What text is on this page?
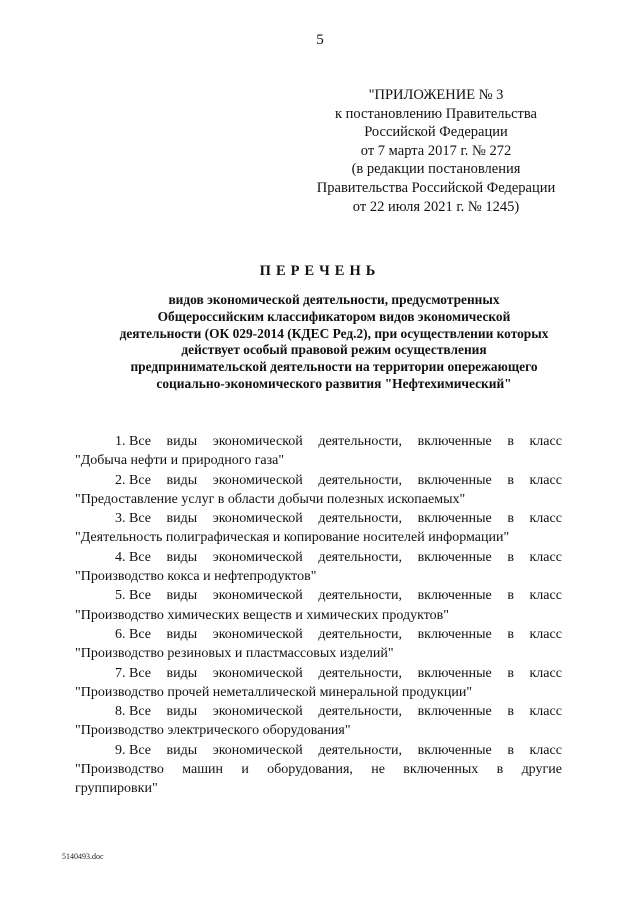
5
"ПРИЛОЖЕНИЕ № 3
к постановлению Правительства
Российской Федерации
от 7 марта 2017 г. № 272
(в редакции постановления
Правительства Российской Федерации
от 22 июля 2021 г. № 1245)
ПЕРЕЧЕНЬ
видов экономической деятельности, предусмотренных
Общероссийским классификатором видов экономической
деятельности (ОК 029-2014 (КДЕС Ред.2), при осуществлении которых
действует особый правовой режим осуществления
предпринимательской деятельности на территории опережающего
социально-экономического развития "Нефтехимический"
1. Все виды экономической деятельности, включенные в класс
"Добыча нефти и природного газа"
2. Все виды экономической деятельности, включенные в класс
"Предоставление услуг в области добычи полезных ископаемых"
3. Все виды экономической деятельности, включенные в класс
"Деятельность полиграфическая и копирование носителей информации"
4. Все виды экономической деятельности, включенные в класс
"Производство кокса и нефтепродуктов"
5. Все виды экономической деятельности, включенные в класс
"Производство химических веществ и химических продуктов"
6. Все виды экономической деятельности, включенные в класс
"Производство резиновых и пластмассовых изделий"
7. Все виды экономической деятельности, включенные в класс
"Производство прочей неметаллической минеральной продукции"
8. Все виды экономической деятельности, включенные в класс
"Производство электрического оборудования"
9. Все виды экономической деятельности, включенные в класс
"Производство машин и оборудования, не включенных в другие
группировки"
5140493.doc
